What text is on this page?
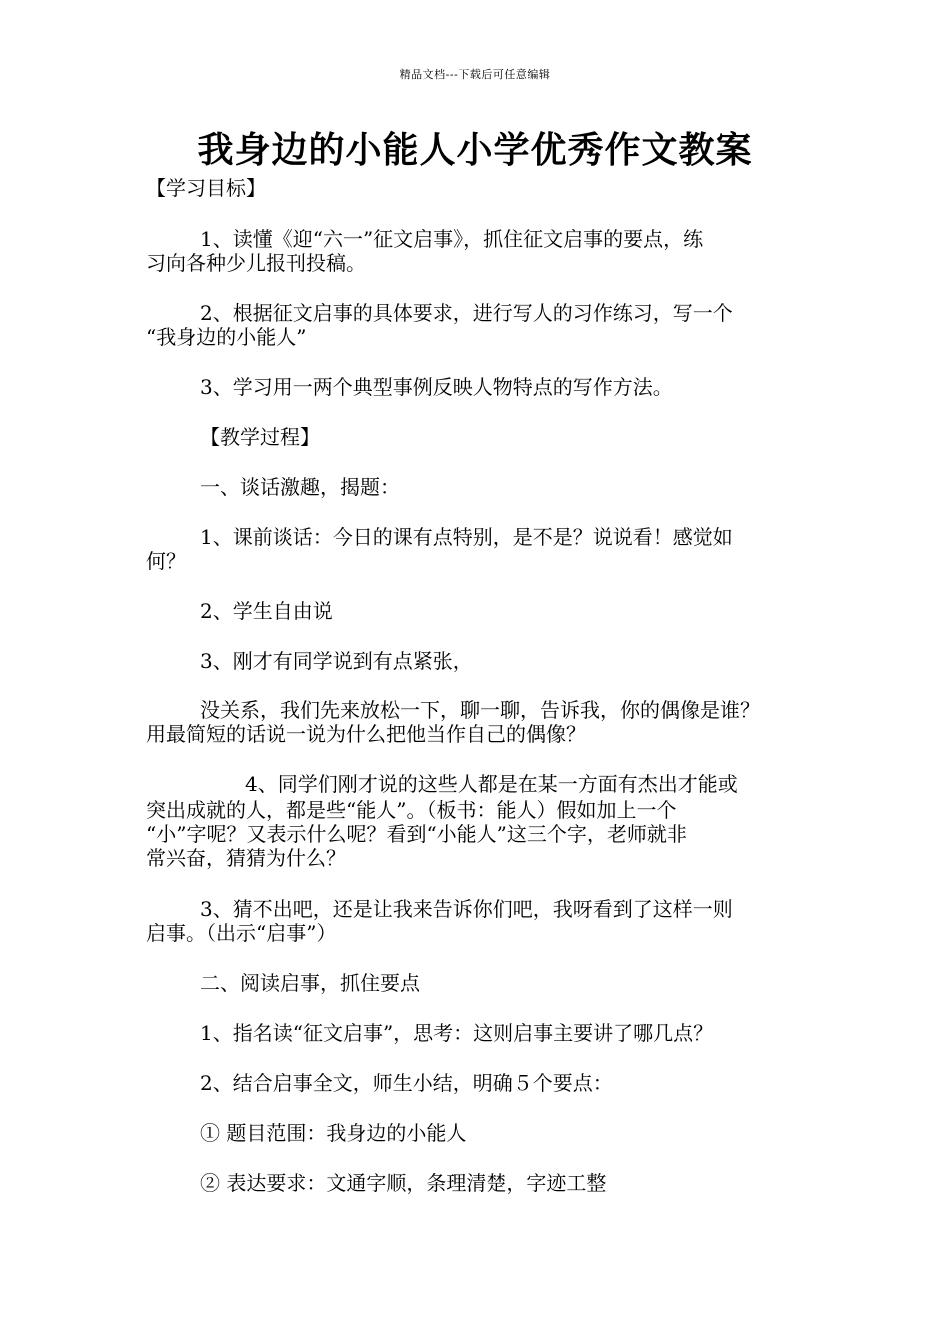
精品文档---下载后可任意编辑
我身边的小能人小学优秀作文教案
【学习目标】
1、读懂《迎“六一”征文启事》，抓住征文启事的要点，练
习向各种少儿报刊投稿。
2、根据征文启事的具体要求，进行写人的习作练习，写一个
“我身边的小能人”
3、学习用一两个典型事例反映人物特点的写作方法。
【教学过程】
一、谈话激趣，揭题：
1、课前谈话：今日的课有点特别，是不是？说说看！感觉如
何？
2、学生自由说
3、刚才有同学说到有点紧张，
没关系，我们先来放松一下，聊一聊，告诉我，你的偶像是谁？
用最简短的话说一说为什么把他当作自己的偶像？
4、同学们刚才说的这些人都是在某一方面有杰出才能或
突出成就的人，都是些“能人”。（板书：能人）假如加上一个
“小”字呢？又表示什么呢？看到“小能人”这三个字，老师就非
常兴奋，猜猜为什么？
3、猜不出吧，还是让我来告诉你们吧，我呀看到了这样一则
启事。（出示“启事”）
二、阅读启事，抓住要点
1、指名读“征文启事”，思考：这则启事主要讲了哪几点？
2、结合启事全文，师生小结，明确５个要点：
① 题目范围：我身边的小能人
② 表达要求：文通字顺，条理清楚，字迹工整
